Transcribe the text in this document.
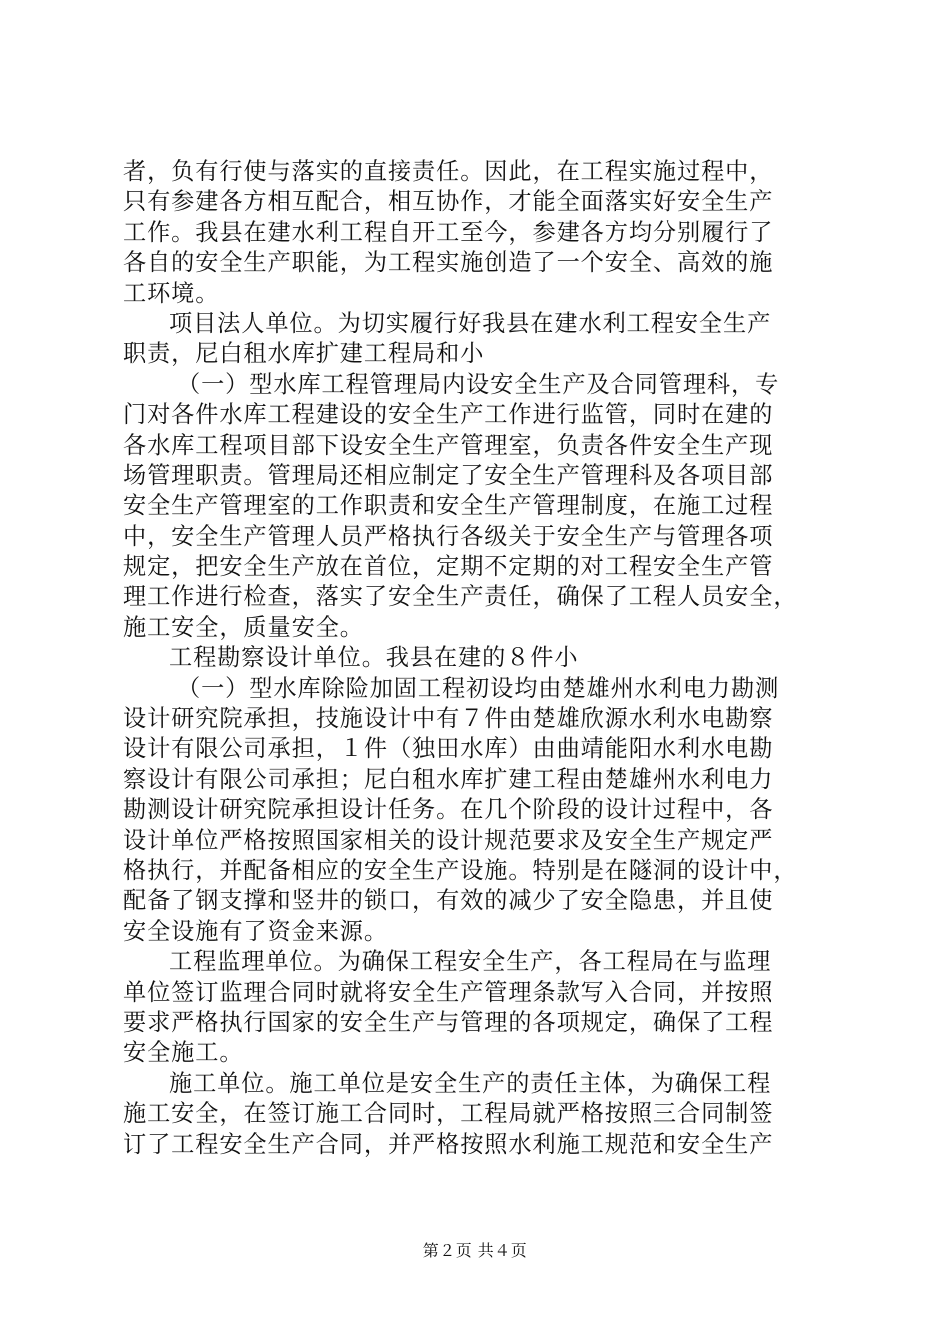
者，负有行使与落实的直接责任。因此，在工程实施过程中，
只有参建各方相互配合，相互协作，才能全面落实好安全生产
工作。我县在建水利工程自开工至今，参建各方均分别履行了
各自的安全生产职能，为工程实施创造了一个安全、高效的施
工环境。
项目法人单位。为切实履行好我县在建水利工程安全生产
职责，尼白租水库扩建工程局和小
（一）型水库工程管理局内设安全生产及合同管理科，专
门对各件水库工程建设的安全生产工作进行监管，同时在建的
各水库工程项目部下设安全生产管理室，负责各件安全生产现
场管理职责。管理局还相应制定了安全生产管理科及各项目部
安全生产管理室的工作职责和安全生产管理制度，在施工过程
中，安全生产管理人员严格执行各级关于安全生产与管理各项
规定，把安全生产放在首位，定期不定期的对工程安全生产管
理工作进行检查，落实了安全生产责任，确保了工程人员安全，
施工安全，质量安全。
工程勘察设计单位。我县在建的８件小
（一）型水库除险加固工程初设均由楚雄州水利电力勘测
设计研究院承担，技施设计中有７件由楚雄欣源水利水电勘察
设计有限公司承担，１件（独田水库）由曲靖能阳水利水电勘
察设计有限公司承担；尼白租水库扩建工程由楚雄州水利电力
勘测设计研究院承担设计任务。在几个阶段的设计过程中，各
设计单位严格按照国家相关的设计规范要求及安全生产规定严
格执行，并配备相应的安全生产设施。特别是在隧洞的设计中，
配备了钢支撑和竖井的锁口，有效的减少了安全隐患，并且使
安全设施有了资金来源。
工程监理单位。为确保工程安全生产，各工程局在与监理
单位签订监理合同时就将安全生产管理条款写入合同，并按照
要求严格执行国家的安全生产与管理的各项规定，确保了工程
安全施工。
施工单位。施工单位是安全生产的责任主体，为确保工程
施工安全，在签订施工合同时，工程局就严格按照三合同制签
订了工程安全生产合同，并严格按照水利施工规范和安全生产
第２页 共４页
